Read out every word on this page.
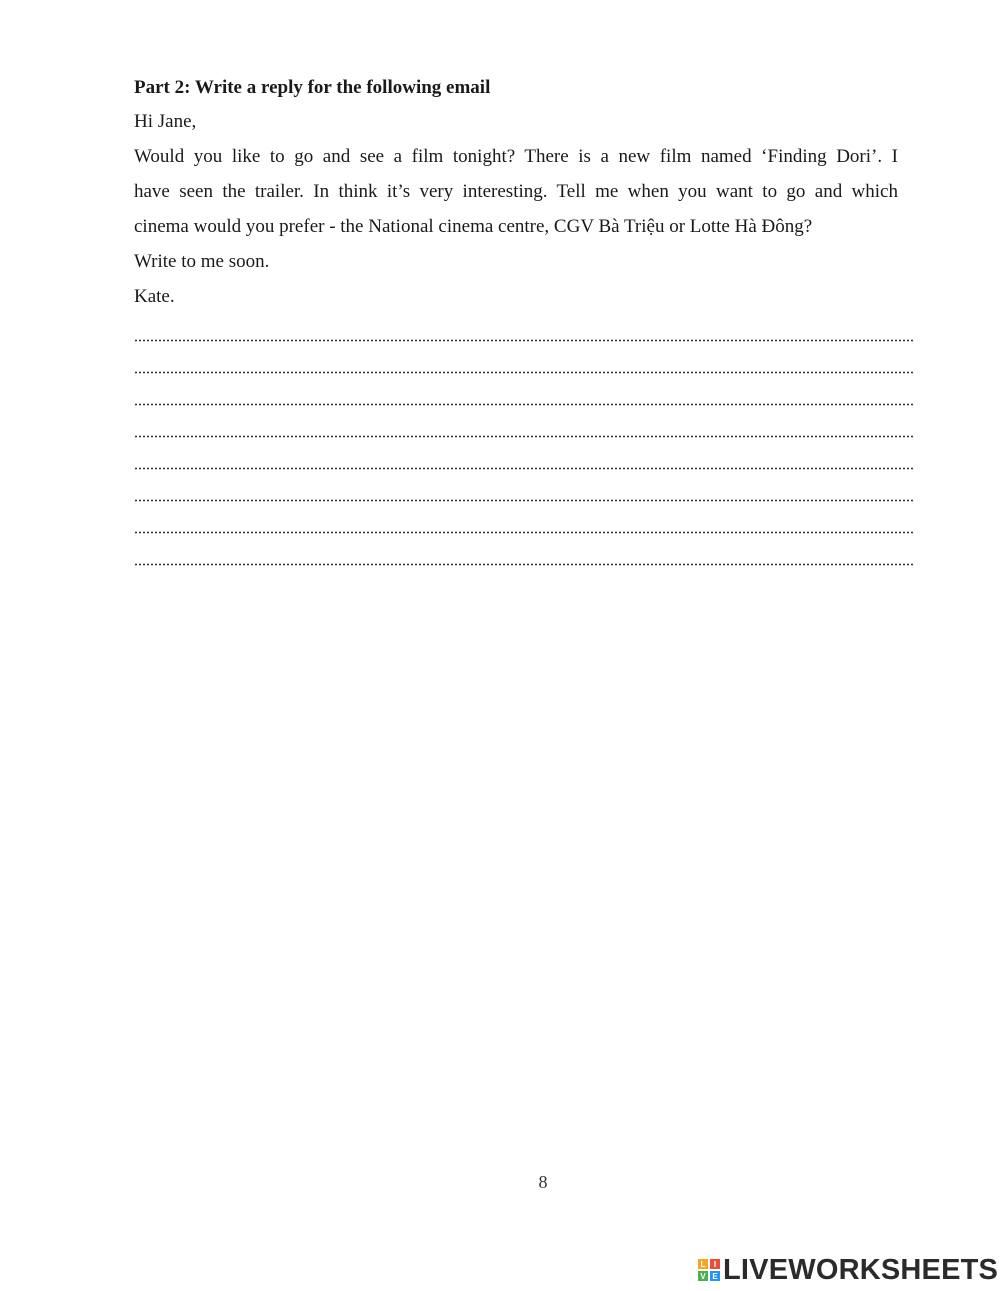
Part 2: Write a reply for the following email

Hi Jane,

Would you like to go and see a film tonight? There is a new film named ‘Finding Dori’. I

have seen the trailer. In think it’s very interesting. Tell me when you want to go and which

cinema would you prefer - the National cinema centre, CGV Bà Triệu or Lotte Hà Đông?

Write to me soon.

Kate.

8
L	I
V E LIVEWORKSHEETS
